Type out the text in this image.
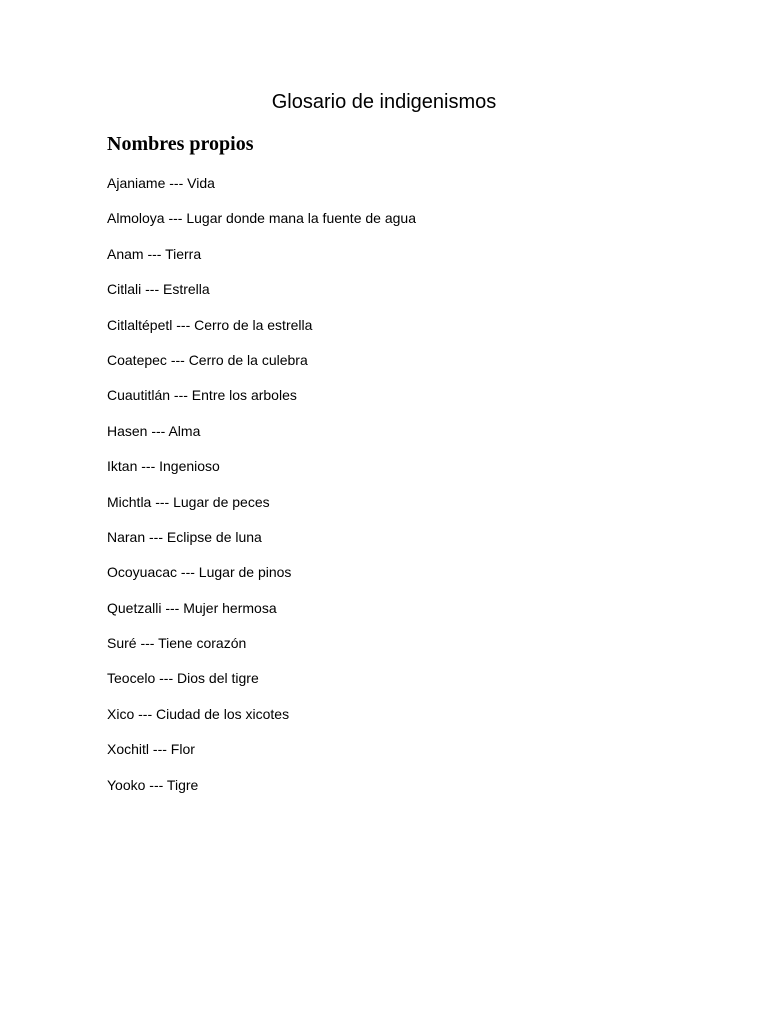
Glosario de indigenismos
Nombres propios
Ajaniame --- Vida
Almoloya --- Lugar donde mana la fuente de agua
Anam --- Tierra
Citlali --- Estrella
Citlaltépetl --- Cerro de la estrella
Coatepec --- Cerro de la culebra
Cuautitlán --- Entre los arboles
Hasen --- Alma
Iktan --- Ingenioso
Michtla --- Lugar de peces
Naran --- Eclipse de luna
Ocoyuacac --- Lugar de pinos
Quetzalli --- Mujer hermosa
Suré --- Tiene corazón
Teocelo --- Dios del tigre
Xico --- Ciudad de los xicotes
Xochitl --- Flor
Yooko --- Tigre
